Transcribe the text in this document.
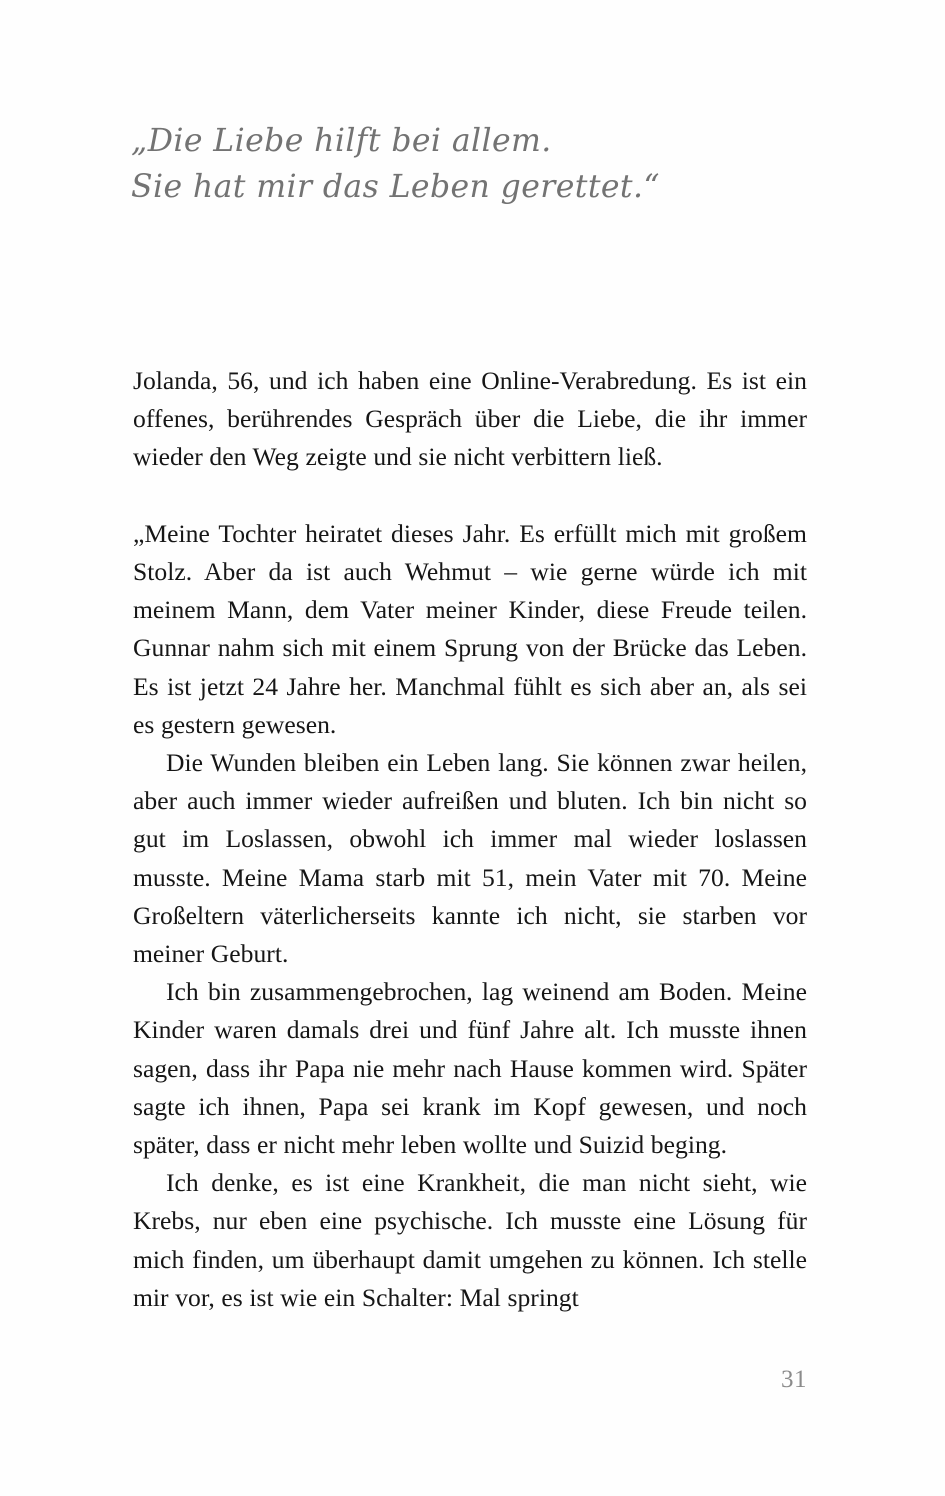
„Die Liebe hilft bei allem.
Sie hat mir das Leben gerettet.“

Jolanda, 56, und ich haben eine Online-Verabredung. Es ist ein offenes, berührendes Gespräch über die Liebe, die ihr immer wieder den Weg zeigte und sie nicht verbittern ließ.

„Meine Tochter heiratet dieses Jahr. Es erfüllt mich mit großem Stolz. Aber da ist auch Wehmut – wie gerne würde ich mit meinem Mann, dem Vater meiner Kinder, diese Freude teilen. Gunnar nahm sich mit einem Sprung von der Brücke das Leben. Es ist jetzt 24 Jahre her. Manchmal fühlt es sich aber an, als sei es gestern gewesen.

Die Wunden bleiben ein Leben lang. Sie können zwar heilen, aber auch immer wieder aufreißen und bluten. Ich bin nicht so gut im Loslassen, obwohl ich immer mal wieder loslassen musste. Meine Mama starb mit 51, mein Vater mit 70. Meine Großeltern väterlicherseits kannte ich nicht, sie starben vor meiner Geburt.

Ich bin zusammengebrochen, lag weinend am Boden. Meine Kinder waren damals drei und fünf Jahre alt. Ich musste ihnen sagen, dass ihr Papa nie mehr nach Hause kommen wird. Später sagte ich ihnen, Papa sei krank im Kopf gewesen, und noch später, dass er nicht mehr leben wollte und Suizid beging.

Ich denke, es ist eine Krankheit, die man nicht sieht, wie Krebs, nur eben eine psychische. Ich musste eine Lösung für mich finden, um überhaupt damit umgehen zu können. Ich stelle mir vor, es ist wie ein Schalter: Mal springt

31
